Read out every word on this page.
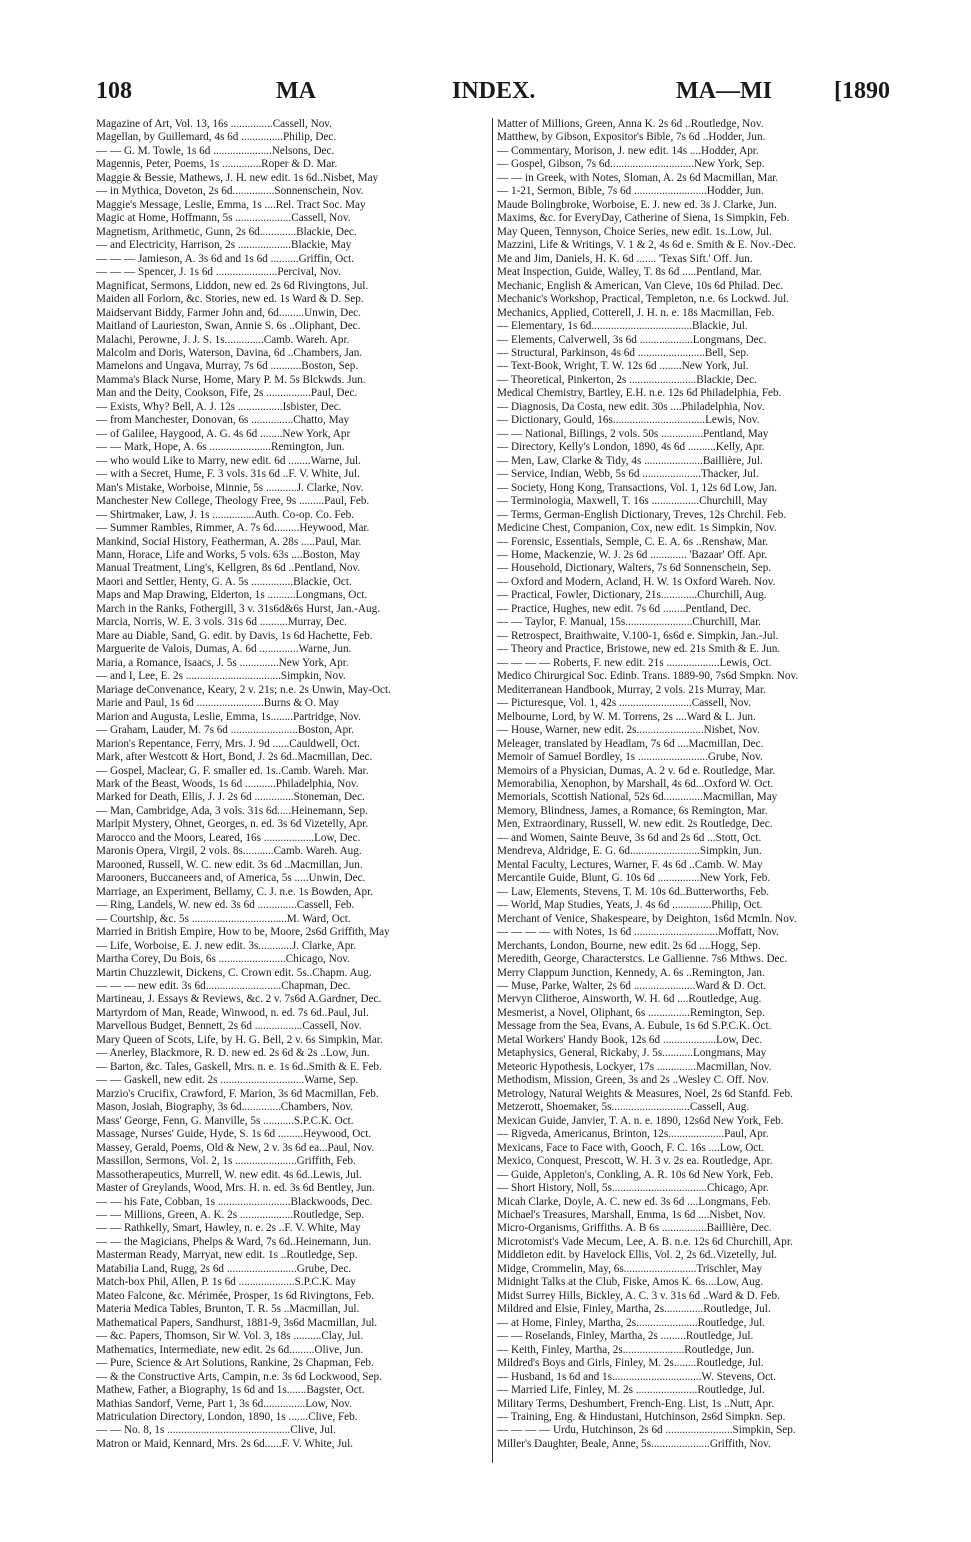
108	MA	INDEX.	MA—MI	[1890
Magazine of Art, Vol. 13, 16s ...............Cassell, Nov.
Magellan, by Guillemard, 4s 6d ...............Philip, Dec.
— — G. M. Towle, 1s 6d .....................Nelsons, Dec.
Magennis, Peter, Poems, 1s ..............Roper & D. Mar.
Maggie & Bessie, Mathews, J. H. new edit. 1s 6d..Nisbet, May
— in Mythica, Doveton, 2s 6d...............Sonnenschein, Nov.
Maggie's Message, Leslie, Emma, 1s ....Rel. Tract Soc. May
Magic at Home, Hoffmann, 5s ....................Cassell, Nov.
Magnetism, Arithmetic, Gunn, 2s 6d.............Blackie, Dec.
— and Electricity, Harrison, 2s ...................Blackie, May
— — — Jamieson, A. 3s 6d and 1s 6d ..........Griffin, Oct.
— — — Spencer, J. 1s 6d ......................Percival, Nov.
Magnificat, Sermons, Liddon, new ed. 2s 6d Rivingtons, Jul.
Maiden all Forlorn, &c. Stories, new ed. 1s Ward & D. Sep.
Maidservant Biddy, Farmer John and, 6d.........Unwin, Dec.
Maitland of Laurieston, Swan, Annie S. 6s ..Oliphant, Dec.
Malachi, Perowne, J. J. S. 1s..............Camb. Wareh. Apr.
Malcolm and Doris, Waterson, Davina, 6d ..Chambers, Jan.
Mamelons and Ungava, Murray, 7s 6d ...........Boston, Sep.
Mamma's Black Nurse, Home, Mary P. M. 5s Blckwds. Jun.
Man and the Deity, Cookson, Fife, 2s ................Paul, Dec.
— Exists, Why? Bell, A. J. 12s ................Isbister, Dec.
— from Manchester, Donovan, 6s ...............Chatto, May
— of Galilee, Haygood, A. G. 4s 6d ........New York, Apr
— — Mark, Hope, A. 6s ......................Remington, Jun.
— who would Like to Marry, new edit. 6d ........Warne, Jul.
— with a Secret, Hume, F. 3 vols. 31s 6d ..F. V. White, Jul.
Man's Mistake, Worboise, Minnie, 5s ...........J. Clarke, Nov.
Manchester New College, Theology Free, 9s .........Paul, Feb.
— Shirtmaker, Law, J. 1s ...............Auth. Co-op. Co. Feb.
— Summer Rambles, Rimmer, A. 7s 6d.........Heywood, Mar.
Mankind, Social History, Featherman, A. 28s .....Paul, Mar.
Mann, Horace, Life and Works, 5 vols. 63s ....Boston, May
Manual Treatment, Ling's, Kellgren, 8s 6d ..Pentland, Nov.
Maori and Settler, Henty, G. A. 5s ...............Blackie, Oct.
Maps and Map Drawing, Elderton, 1s ..........Longmans, Oct.
March in the Ranks, Fothergill, 3 v. 31s6d&6s Hurst, Jan.-Aug.
Marcia, Norris, W. E. 3 vols. 31s 6d ..........Murray, Dec.
Mare au Diable, Sand, G. edit. by Davis, 1s 6d Hachette, Feb.
Marguerite de Valois, Dumas, A. 6d ..............Warne, Jun.
Maria, a Romance, Isaacs, J. 5s ..............New York, Apr.
— and I, Lee, E. 2s ..................................Simpkin, Nov.
Mariage deConvenance, Keary, 2 v. 21s; n.e. 2s Unwin, May-Oct.
Marie and Paul, 1s 6d ........................Burns & O. May
Marion and Augusta, Leslie, Emma, 1s........Partridge, Nov.
— Graham, Lauder, M. 7s 6d ........................Boston, Apr.
Marion's Repentance, Ferry, Mrs. J. 9d ......Cauldwell, Oct.
Mark, after Westcott & Hort, Bond, J. 2s 6d..Macmillan, Dec.
— Gospel, Maclear, G. F. smaller ed. 1s..Camb. Wareh. Mar.
Mark of the Beast, Woods, 1s 6d ...........Philadelphia, Nov.
Marked for Death, Ellis, J. J. 2s 6d ..............Stoneman, Dec.
— Man, Cambridge, Ada, 3 vols. 31s 6d.....Heinemann, Sep.
Marlpit Mystery, Ohnet, Georges, n. ed. 3s 6d Vizetelly, Apr.
Marocco and the Moors, Leared, 16s ..................Low, Dec.
Maronis Opera, Virgil, 2 vols. 8s...........Camb. Wareh. Aug.
Marooned, Russell, W. C. new edit. 3s 6d ..Macmillan, Jun.
Marooners, Buccaneers and, of America, 5s .....Unwin, Dec.
Marriage, an Experiment, Bellamy, C. J. n.e. 1s Bowden, Apr.
— Ring, Landels, W. new ed. 3s 6d ..............Cassell, Feb.
— Courtship, &c. 5s ..................................M. Ward, Oct.
Married in British Empire, How to be, Moore, 2s6d Griffith, May
— Life, Worboise, E. J. new edit. 3s............J. Clarke, Apr.
Martha Corey, Du Bois, 6s ........................Chicago, Nov.
Martin Chuzzlewit, Dickens, C. Crown edit. 5s..Chapm. Aug.
— — — new edit. 3s 6d...........................Chapman, Dec.
Martineau, J. Essays & Reviews, &c. 2 v. 7s6d A.Gardner, Dec.
Martyrdom of Man, Reade, Winwood, n. ed. 7s 6d..Paul, Jul.
Marvellous Budget, Bennett, 2s 6d .................Cassell, Nov.
Mary Queen of Scots, Life, by H. G. Bell, 2 v. 6s Simpkin, Mar.
— Anerley, Blackmore, R. D. new ed. 2s 6d & 2s ..Low, Jun.
— Barton, &c. Tales, Gaskell, Mrs. n. e. 1s 6d..Smith & E. Feb.
— — Gaskell, new edit. 2s ..............................Warne, Sep.
Marzio's Crucifix, Crawford, F. Marion, 3s 6d Macmillan, Feb.
Mason, Josiah, Biography, 3s 6d..............Chambers, Nov.
Mass' George, Fenn, G. Manville, 5s ...........S.P.C.K. Oct.
Massage, Nurses' Guide, Hyde, S. 1s 6d .........Heywood, Oct.
Massey, Gerald, Poems, Old & New, 2 v. 3s 6d ea...Paul, Nov.
Massillon, Sermons, Vol. 2, 1s ......................Griffith, Feb.
Massotherapeutics, Murrell, W. new edit. 4s 6d..Lewis, Jul.
Master of Greylands, Wood, Mrs. H. n. ed. 3s 6d Bentley, Jun.
— — his Fate, Cobban, 1s ..........................Blackwoods, Dec.
— — Millions, Green, A. K. 2s ...................Routledge, Sep.
— — Rathkelly, Smart, Hawley, n. e. 2s ..F. V. White, May
— — the Magicians, Phelps & Ward, 7s 6d..Heinemann, Jun.
Masterman Ready, Marryat, new edit. 1s ..Routledge, Sep.
Matabilia Land, Rugg, 2s 6d .........................Grube, Dec.
Match-box Phil, Allen, P. 1s 6d ....................S.P.C.K. May
Mateo Falcone, &c. Mérimée, Prosper, 1s 6d Rivingtons, Feb.
Materia Medica Tables, Brunton, T. R. 5s ..Macmillan, Jul.
Mathematical Papers, Sandhurst, 1881-9, 3s6d Macmillan, Jul.
— &c. Papers, Thomson, Sir W. Vol. 3, 18s ..........Clay, Jul.
Mathematics, Intermediate, new edit. 2s 6d.........Olive, Jun.
— Pure, Science & Art Solutions, Rankine, 2s Chapman, Feb.
— & the Constructive Arts, Campin, n.e. 3s 6d Lockwood, Sep.
Mathew, Father, a Biography, 1s 6d and 1s.......Bagster, Oct.
Mathias Sandorf, Verne, Part 1, 3s 6d...............Low, Nov.
Matriculation Directory, London, 1890, 1s .......Clive, Feb.
— — No. 8, 1s ............................................Clive, Jul.
Matron or Maid, Kennard, Mrs. 2s 6d......F. V. White, Jul.
Matter of Millions, Green, Anna K. 2s 6d ..Routledge, Nov.
Matthew, by Gibson, Expositor's Bible, 7s 6d ..Hodder, Jun.
— Commentary, Morison, J. new edit. 14s ....Hodder, Apr.
— Gospel, Gibson, 7s 6d..............................New York, Sep.
— — in Greek, with Notes, Sloman, A. 2s 6d Macmillan, Mar.
— 1-21, Sermon, Bible, 7s 6d ..........................Hodder, Jun.
Maude Bolingbroke, Worboise, E. J. new ed. 3s J. Clarke, Jun.
Maxims, &c. for EveryDay, Catherine of Siena, 1s Simpkin, Feb.
May Queen, Tennyson, Choice Series, new edit. 1s..Low, Jul.
Mazzini, Life & Writings, V. 1 & 2, 4s 6d e. Smith & E. Nov.-Dec.
Me and Jim, Daniels, H. K. 6d ....... 'Texas Sift.' Off. Jun.
Meat Inspection, Guide, Walley, T. 8s 6d .....Pentland, Mar.
Mechanic, English & American, Van Cleve, 10s 6d Philad. Dec.
Mechanic's Workshop, Practical, Templeton, n.e. 6s Lockwd. Jul.
Mechanics, Applied, Cotterell, J. H. n. e. 18s Macmillan, Feb.
— Elementary, 1s 6d....................................Blackie, Jul.
— Elements, Calverwell, 3s 6d ...................Longmans, Dec.
— Structural, Parkinson, 4s 6d ........................Bell, Sep.
— Text-Book, Wright, T. W. 12s 6d ........New York, Jul.
— Theoretical, Pinkerton, 2s ........................Blackie, Dec.
Medical Chemistry, Bartley, E.H. n.e. 12s 6d Philadelphia, Feb.
— Diagnosis, Da Costa, new edit. 30s ....Philadelphia, Nov.
— Dictionary, Gould, 16s.................................Lewis, Nov.
— — National, Billings, 2 vols. 50s ...............Pentland, May
— Directory, Kelly's London, 1890, 4s 6d ..........Kelly, Apr.
— Men, Law, Clarke & Tidy, 4s .....................Baillière, Jul.
— Service, Indian, Webb, 5s 6d .....................Thacker, Jul.
— Society, Hong Kong, Transactions, Vol. 1, 12s 6d Low, Jan.
— Terminologia, Maxwell, T. 16s .................Churchill, May
— Terms, German-English Dictionary, Treves, 12s Chrchil. Feb.
Medicine Chest, Companion, Cox, new edit. 1s Simpkin, Nov.
— Forensic, Essentials, Semple, C. E. A. 6s ..Renshaw, Mar.
— Home, Mackenzie, W. J. 2s 6d ............. 'Bazaar' Off. Apr.
— Household, Dictionary, Walters, 7s 6d Sonnenschein, Sep.
— Oxford and Modern, Acland, H. W. 1s Oxford Wareh. Nov.
— Practical, Fowler, Dictionary, 21s.............Churchill, Aug.
— Practice, Hughes, new edit. 7s 6d ........Pentland, Dec.
— — Taylor, F. Manual, 15s........................Churchill, Mar.
— Retrospect, Braithwaite, V.100-1, 6s6d e. Simpkin, Jan.-Jul.
— Theory and Practice, Bristowe, new ed. 21s Smith & E. Jun.
— — — — Roberts, F. new edit. 21s ...................Lewis, Oct.
Medico Chirurgical Soc. Edinb. Trans. 1889-90, 7s6d Smpkn. Nov.
Mediterranean Handbook, Murray, 2 vols. 21s Murray, Mar.
— Picturesque, Vol. 1, 42s ..........................Cassell, Nov.
Melbourne, Lord, by W. M. Torrens, 2s ....Ward & L. Jun.
— House, Warner, new edit. 2s........................Nisbet, Nov.
Meleager, translated by Headlam, 7s 6d ....Macmillan, Dec.
Memoir of Samuel Bordley, 1s .........................Grube, Nov.
Memoirs of a Physician, Dumas, A. 2 v. 6d e. Routledge, Mar.
Memorabilia, Xenophon, by Marshall, 4s 6d...Oxford W. Oct.
Memorials, Scottish National, 52s 6d..............Macmillan, May
Memory, Blindness, James, a Romance, 6s Remington, Mar.
Men, Extraordinary, Russell, W. new edit. 2s Routledge, Dec.
— and Women, Sainte Beuve, 3s 6d and 2s 6d ...Stott, Oct.
Mendreva, Aldridge, E. G. 6d.........................Simpkin, Jun.
Mental Faculty, Lectures, Warner, F. 4s 6d ..Camb. W. May
Mercantile Guide, Blunt, G. 10s 6d ...............New York, Feb.
— Law, Elements, Stevens, T. M. 10s 6d..Butterworths, Feb.
— World, Map Studies, Yeats, J. 4s 6d ..............Philip, Oct.
Merchant of Venice, Shakespeare, by Deighton, 1s6d Mcmln. Nov.
— — — — with Notes, 1s 6d ..............................Moffatt, Nov.
Merchants, London, Bourne, new edit. 2s 6d ....Hogg, Sep.
Meredith, George, Characterstcs. Le Gallienne. 7s6 Mthws. Dec.
Merry Clappum Junction, Kennedy, A. 6s ..Remington, Jan.
— Muse, Parke, Walter, 2s 6d ......................Ward & D. Oct.
Mervyn Clitheroe, Ainsworth, W. H. 6d ....Routledge, Aug.
Mesmerist, a Novel, Oliphant, 6s ...............Remington, Sep.
Message from the Sea, Evans, A. Eubule, 1s 6d S.P.C.K. Oct.
Metal Workers' Handy Book, 12s 6d ...................Low, Dec.
Metaphysics, General, Rickaby, J. 5s...........Longmans, May
Meteoric Hypothesis, Lockyer, 17s ..............Macmillan, Nov.
Methodism, Mission, Green, 3s and 2s ..Wesley C. Off. Nov.
Metrology, Natural Weights & Measures, Noel, 2s 6d Stanfd. Feb.
Metzerott, Shoemaker, 5s............................Cassell, Aug.
Mexican Guide, Janvier, T. A. n. e. 1890, 12s6d New York, Feb.
— Rigveda, Americanus, Brinton, 12s....................Paul, Apr.
Mexicans, Face to Face with, Gooch, F. C. 16s ....Low, Oct.
Mexico, Conquest, Prescott, W. H. 3 v. 2s ea. Routledge, Apr.
— Guide, Appleton's, Conkling, A. R. 10s 6d New York, Feb.
— Short History, Noll, 5s..................................Chicago, Apr.
Micah Clarke, Doyle, A. C. new ed. 3s 6d ....Longmans, Feb.
Michael's Treasures, Marshall, Emma, 1s 6d ....Nisbet, Nov.
Micro-Organisms, Griffiths. A. B 6s ................Baillière, Dec.
Microtomist's Vade Mecum, Lee, A. B. n.e. 12s 6d Churchill, Apr.
Middleton edit. by Havelock Ellis, Vol. 2, 2s 6d..Vizetelly, Jul.
Midge, Crommelin, May, 6s..........................Trischler, May
Midnight Talks at the Club, Fiske, Amos K. 6s....Low, Aug.
Midst Surrey Hills, Bickley, A. C. 3 v. 31s 6d ..Ward & D. Feb.
Mildred and Elsie, Finley, Martha, 2s..............Routledge, Jul.
— at Home, Finley, Martha, 2s......................Routledge, Jul.
— — Roselands, Finley, Martha, 2s .........Routledge, Jul.
— Keith, Finley, Martha, 2s......................Routledge, Jun.
Mildred's Boys and Girls, Finley, M. 2s........Routledge, Jul.
— Husband, 1s 6d and 1s................................W. Stevens, Oct.
— Married Life, Finley, M. 2s ......................Routledge, Jul.
Military Terms, Deshumbert, French-Eng. List, 1s ..Nutt, Apr.
— Training, Eng. & Hindustani, Hutchinson, 2s6d Simpkn. Sep.
— — — — Urdu, Hutchinson, 2s 6d ........................Simpkin, Sep.
Miller's Daughter, Beale, Anne, 5s.....................Griffith, Nov.
